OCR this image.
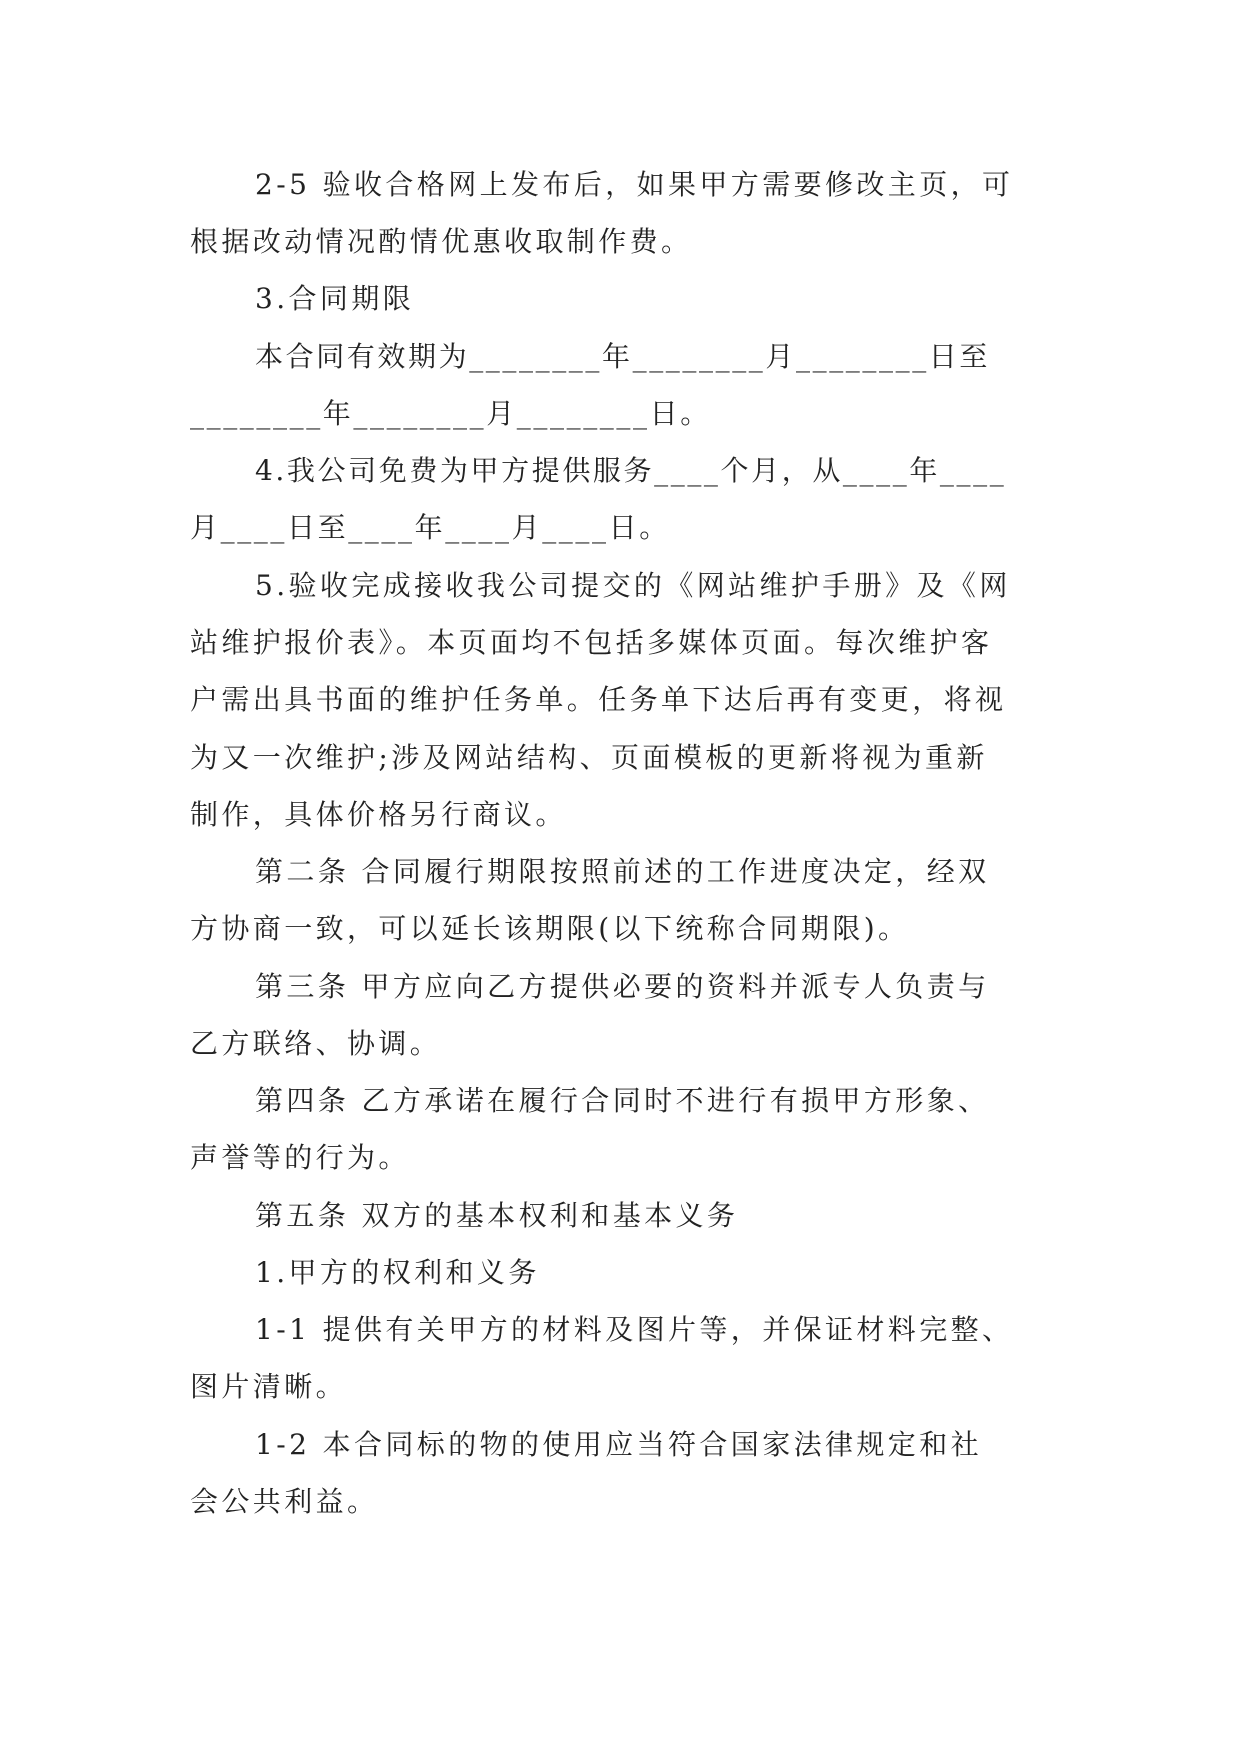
2-5 验收合格网上发布后，如果甲方需要修改主页，可
根据改动情况酌情优惠收取制作费。
3.合同期限
本合同有效期为________年________月________日至
________年________月________日。
4.我公司免费为甲方提供服务____个月，从____年____
月____日至____年____月____日。
5.验收完成接收我公司提交的《网站维护手册》及《网
站维护报价表》。本页面均不包括多媒体页面。每次维护客
户需出具书面的维护任务单。任务单下达后再有变更，将视
为又一次维护;涉及网站结构、页面模板的更新将视为重新
制作，具体价格另行商议。
第二条 合同履行期限按照前述的工作进度决定，经双
方协商一致，可以延长该期限(以下统称合同期限)。
第三条 甲方应向乙方提供必要的资料并派专人负责与
乙方联络、协调。
第四条 乙方承诺在履行合同时不进行有损甲方形象、
声誉等的行为。
第五条 双方的基本权利和基本义务
1.甲方的权利和义务
1-1 提供有关甲方的材料及图片等，并保证材料完整、
图片清晰。
1-2 本合同标的物的使用应当符合国家法律规定和社
会公共利益。
